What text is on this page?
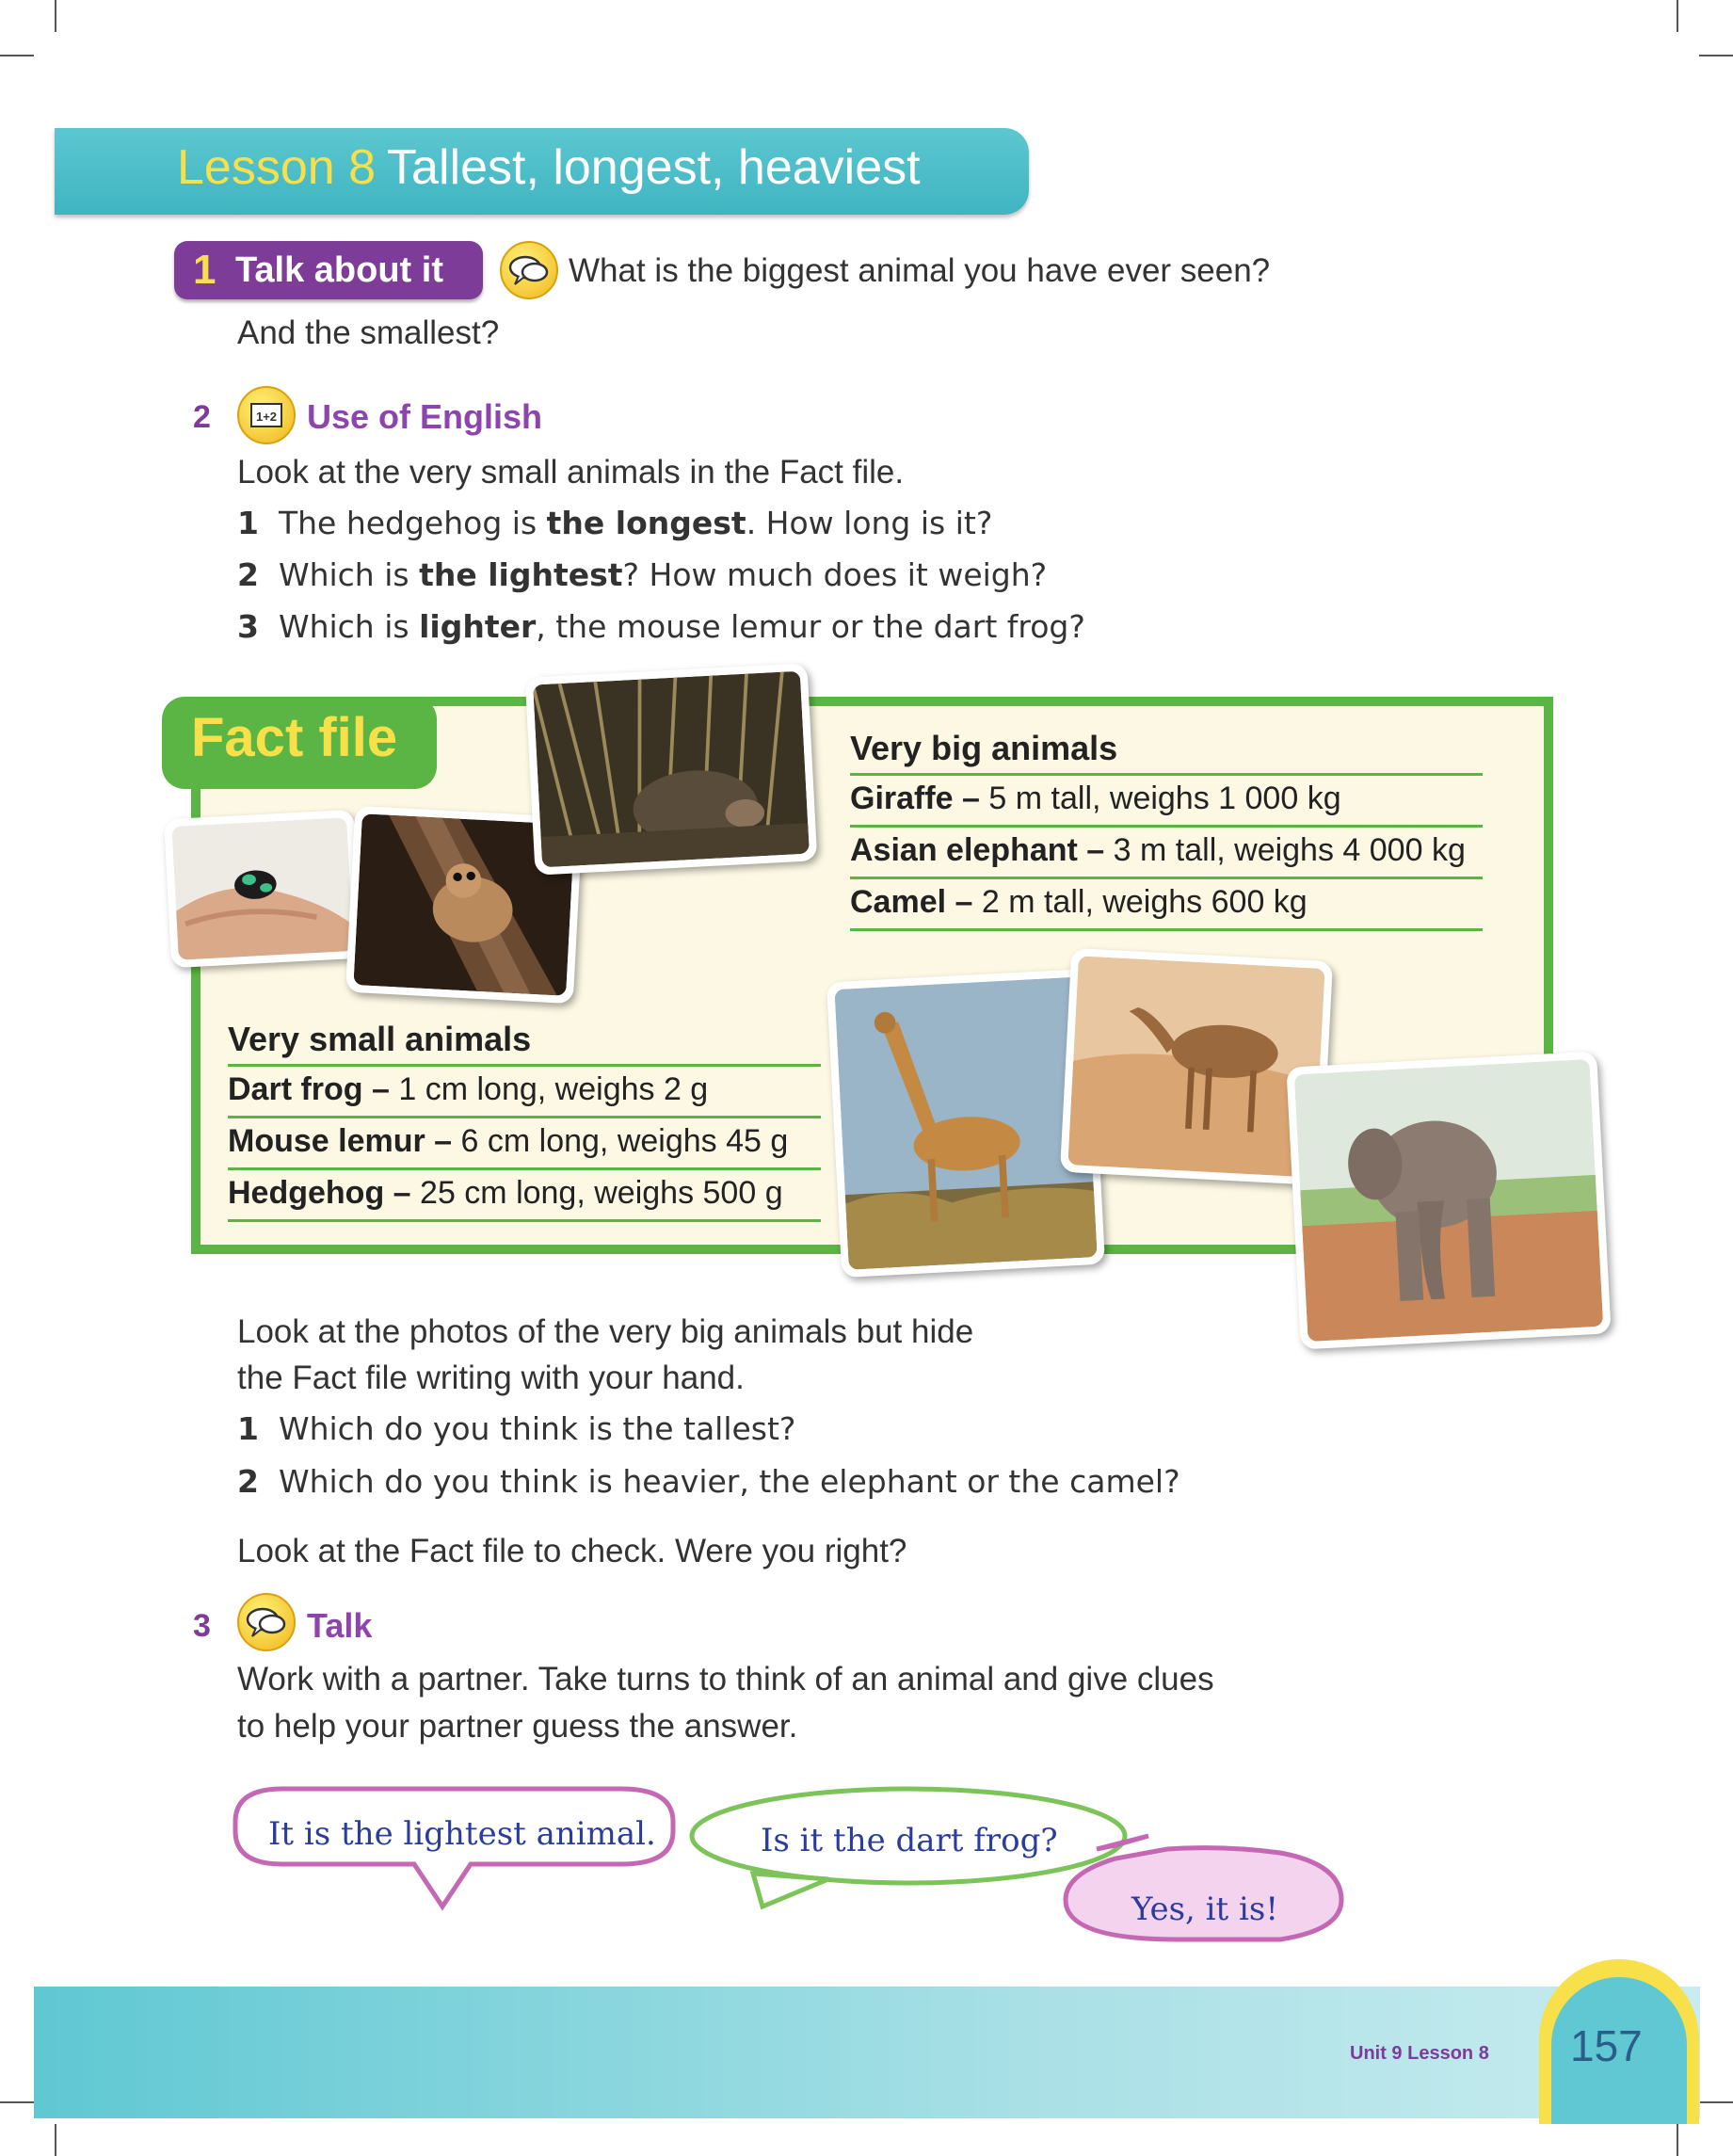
Lesson 8 Tallest, longest, heaviest
1 Talk about it	What is the biggest animal you have ever seen?
And the smallest?
2	1+2 Use of English
Look at the very small animals in the Fact file.
1 The hedgehog is the longest. How long is it?
2 Which is the lightest? How much does it weigh?
3 Which is lighter, the mouse lemur or the dart frog?
Fact file	Very big animals
Giraffe – 5 m tall, weighs 1 000 kg
Asian elephant – 3 m tall, weighs 4 000 kg
Camel – 2 m tall, weighs 600 kg
Very small animals
Dart frog – 1 cm long, weighs 2 g
Mouse lemur – 6 cm long, weighs 45 g
Hedgehog – 25 cm long, weighs 500 g
Look at the photos of the very big animals but hide
the Fact file writing with your hand.
1 Which do you think is the tallest?
2 Which do you think is heavier, the elephant or the camel?
Look at the Fact file to check. Were you right?
3	Talk
Work with a partner. Take turns to think of an animal and give clues
to help your partner guess the answer.
It is the lightest animal.	Is it the dart frog?
Yes, it is!
Unit 9 Lesson 8 157
